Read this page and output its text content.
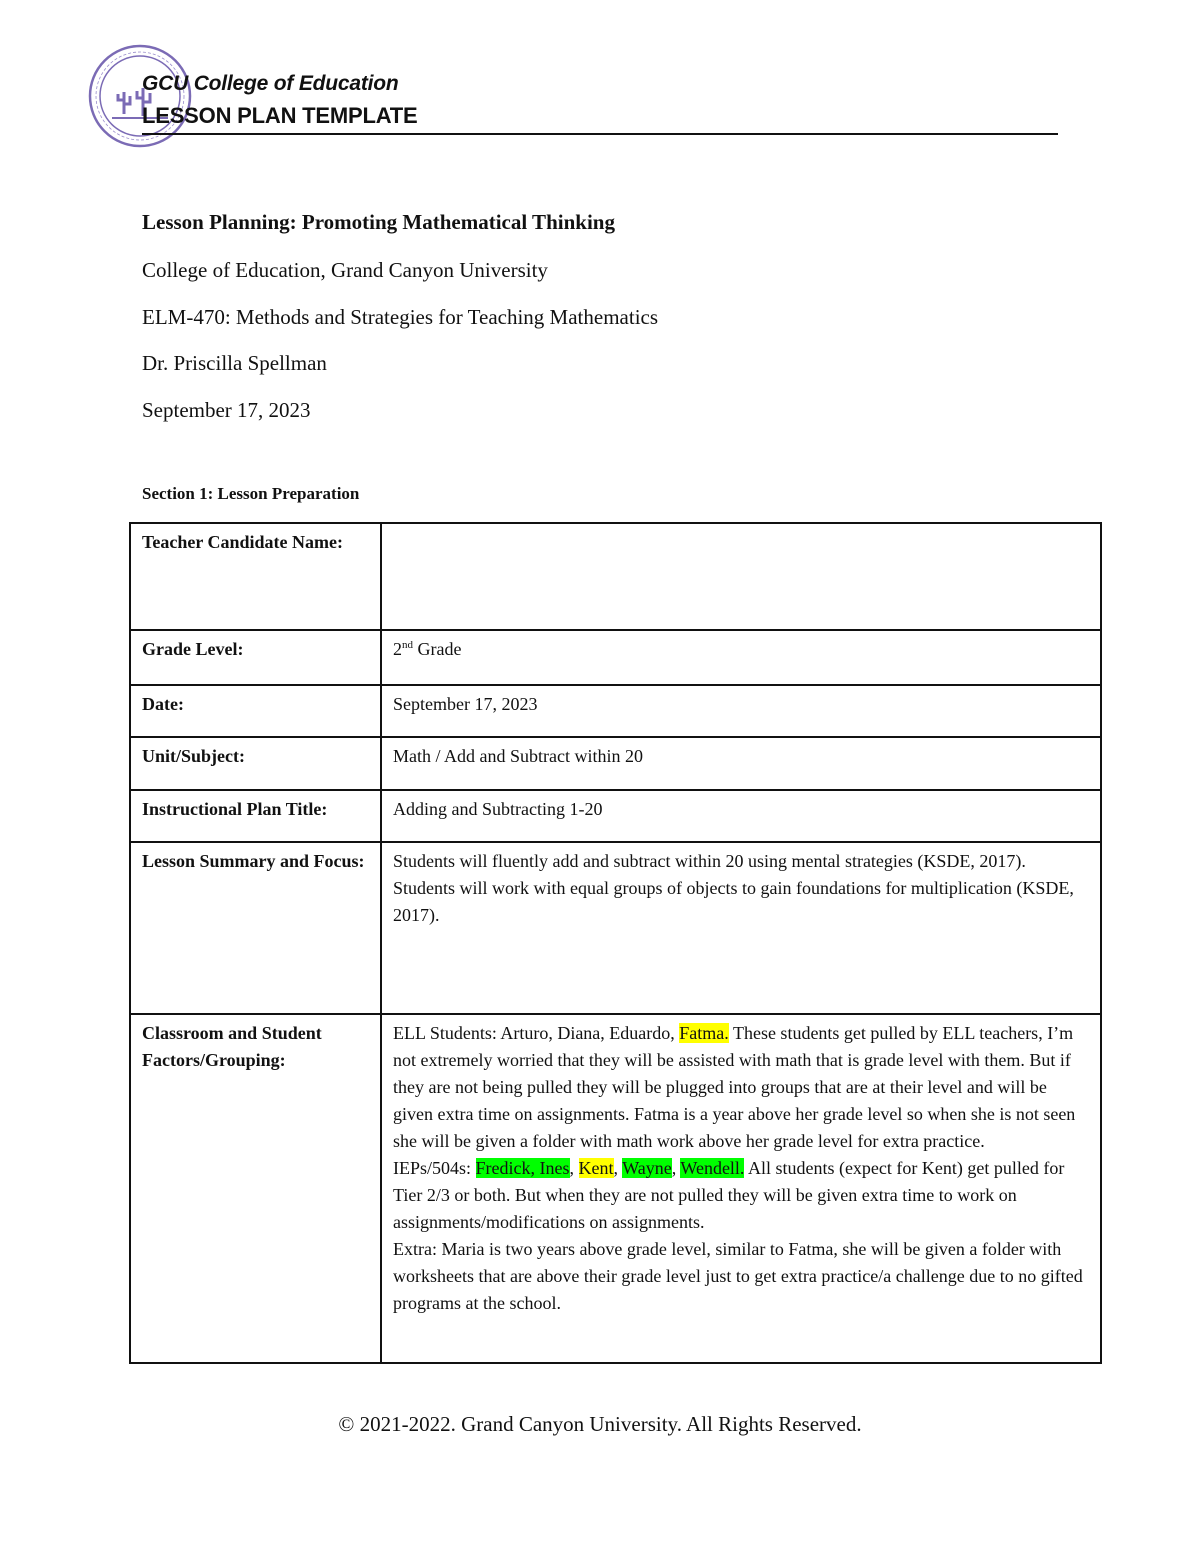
GCU College of Education
LESSON PLAN TEMPLATE
Lesson Planning: Promoting Mathematical Thinking
College of Education, Grand Canyon University
ELM-470: Methods and Strategies for Teaching Mathematics
Dr. Priscilla Spellman
September 17, 2023
Section 1: Lesson Preparation
Teacher Candidate Name:	
Grade Level:	2nd Grade
Date:	September 17, 2023
Unit/Subject:	Math / Add and Subtract within 20
Instructional Plan Title:	Adding and Subtracting 1-20
Lesson Summary and Focus:	Students will fluently add and subtract within 20 using mental strategies (KSDE, 2017). Students will work with equal groups of objects to gain foundations for multiplication (KSDE, 2017).
Classroom and Student Factors/Grouping:	ELL Students: Arturo, Diana, Eduardo, Fatma. These students get pulled by ELL teachers, I’m not extremely worried that they will be assisted with math that is grade level with them. But if they are not being pulled they will be plugged into groups that are at their level and will be given extra time on assignments. Fatma is a year above her grade level so when she is not seen she will be given a folder with math work above her grade level for extra practice.
IEPs/504s: Fredick, Ines, Kent, Wayne, Wendell. All students (expect for Kent) get pulled for Tier 2/3 or both. But when they are not pulled they will be given extra time to work on assignments/modifications on assignments.
Extra: Maria is two years above grade level, similar to Fatma, she will be given a folder with worksheets that are above their grade level just to get extra practice/a challenge due to no gifted programs at the school.
© 2021-2022. Grand Canyon University. All Rights Reserved.
